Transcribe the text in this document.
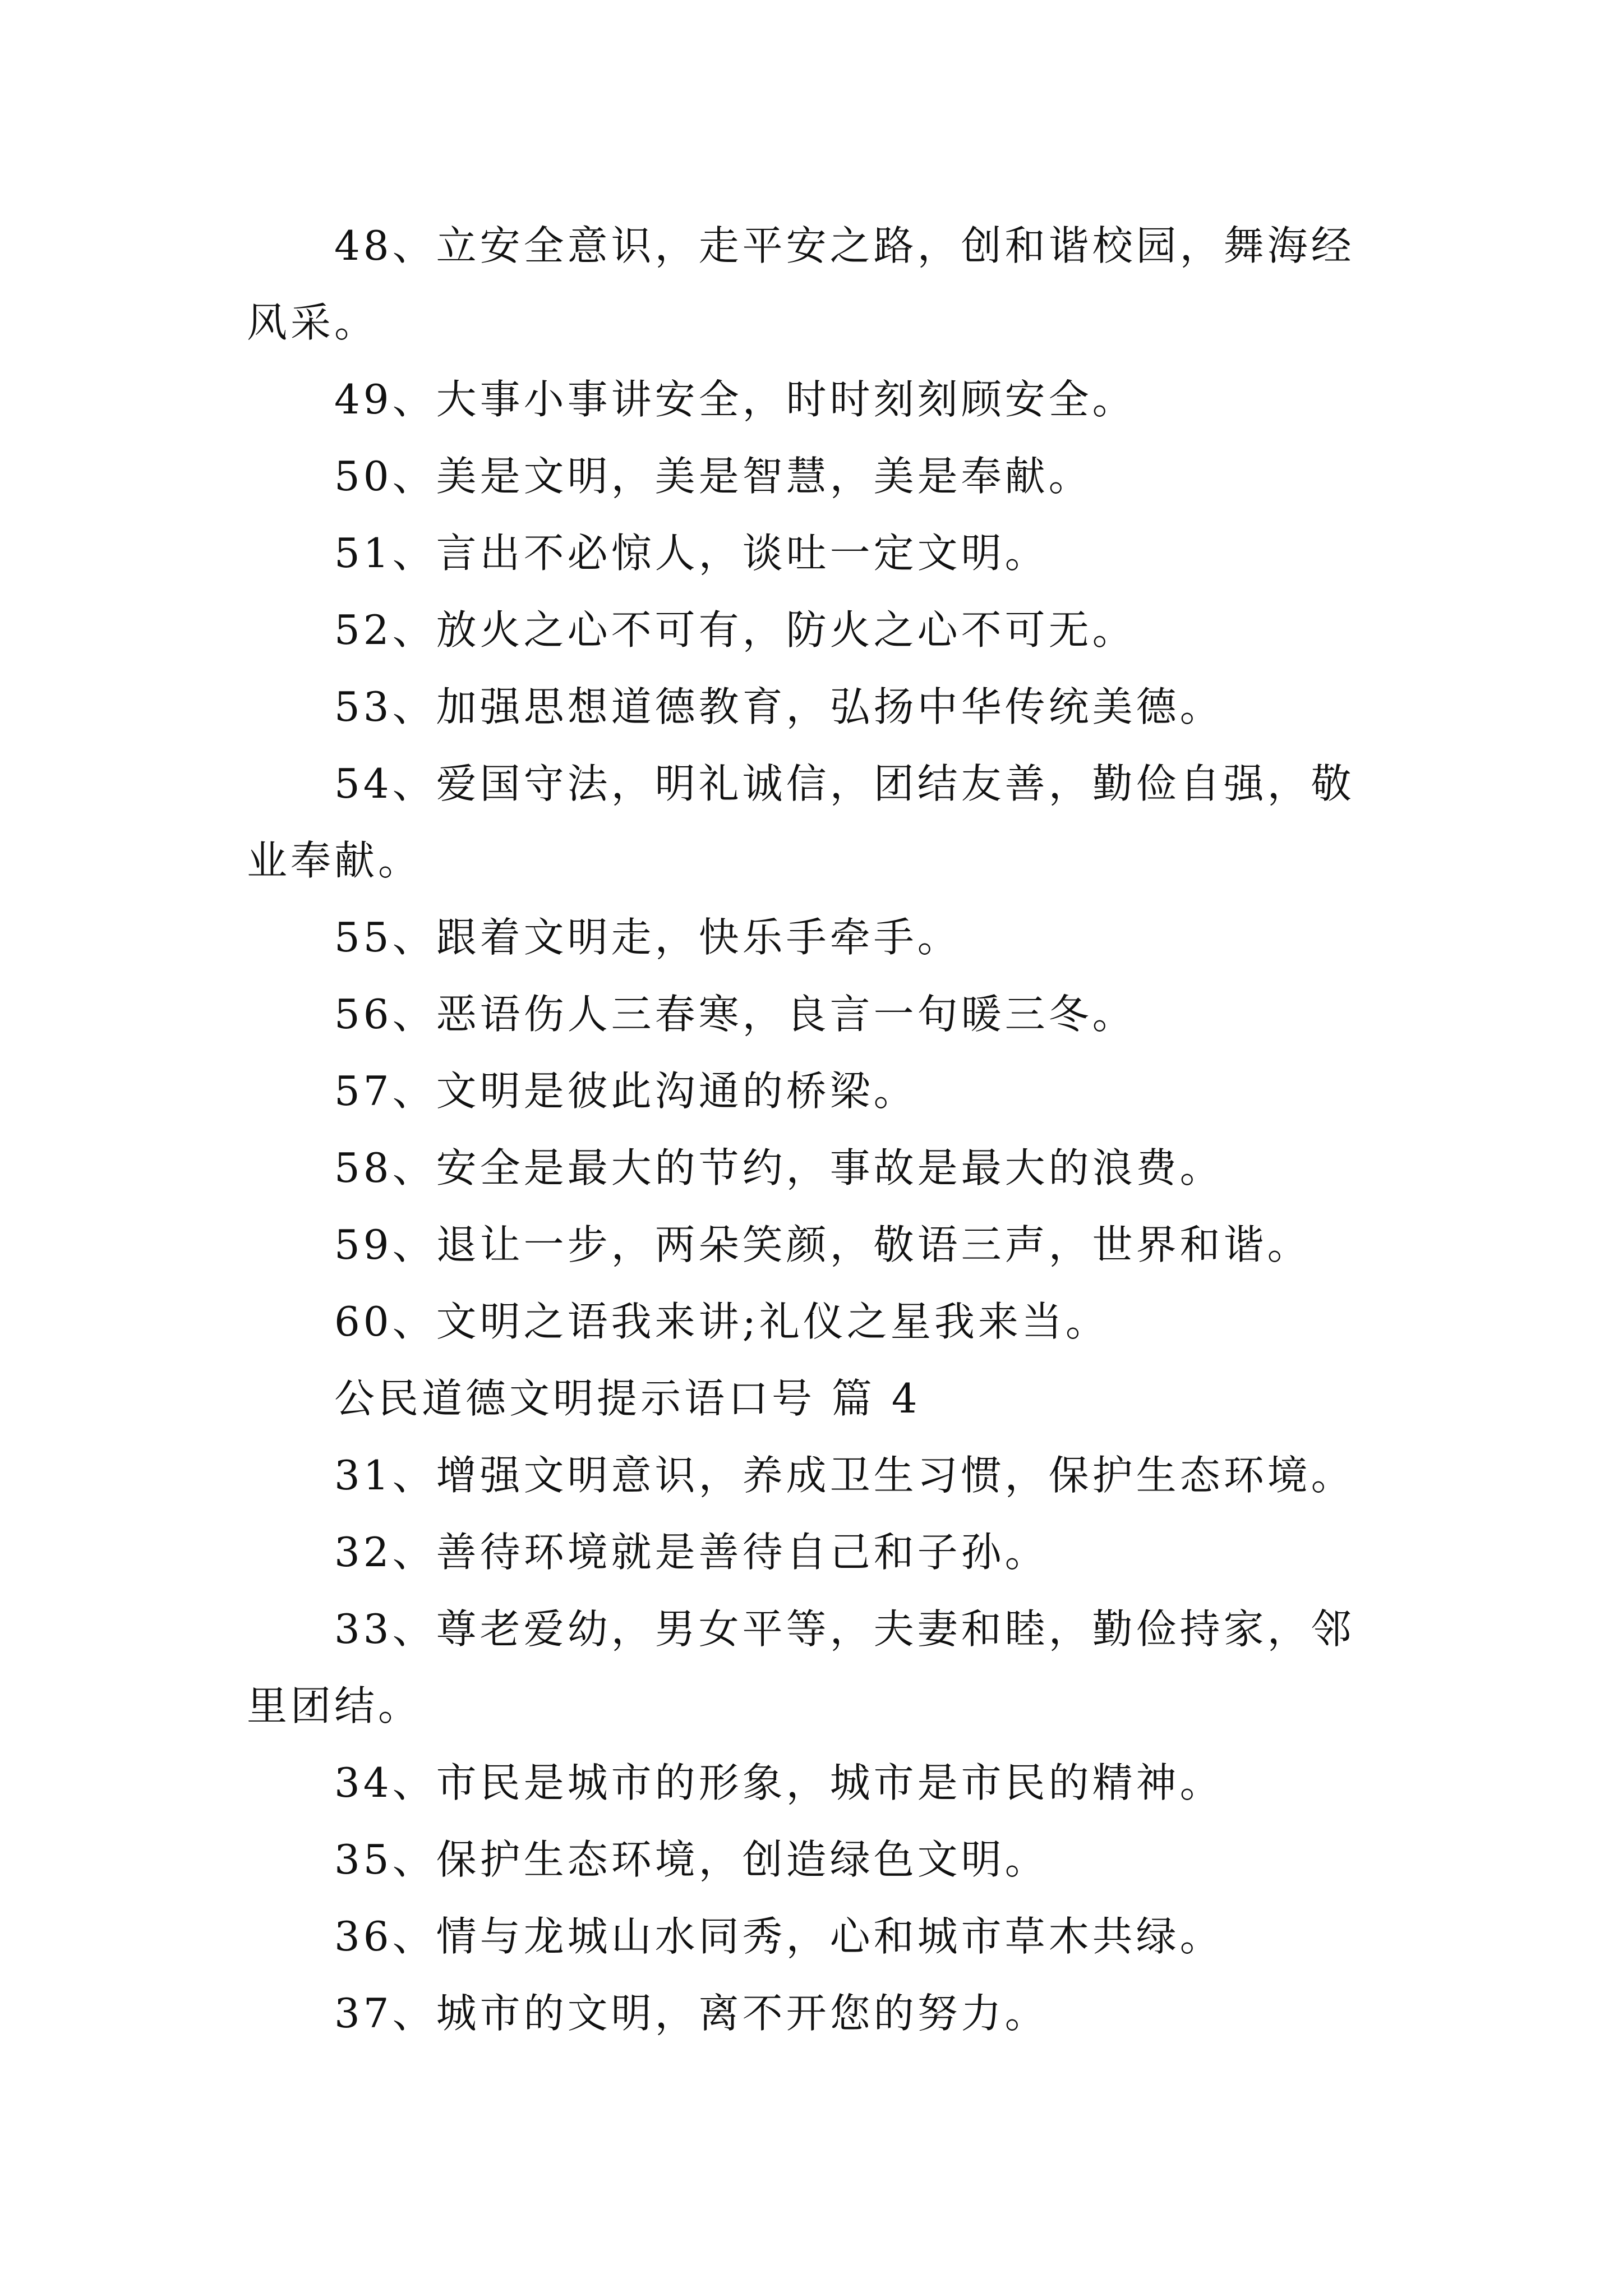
48、立安全意识，走平安之路，创和谐校园，舞海经风采。

49、大事小事讲安全，时时刻刻顾安全。

50、美是文明，美是智慧，美是奉献。

51、言出不必惊人，谈吐一定文明。

52、放火之心不可有，防火之心不可无。

53、加强思想道德教育，弘扬中华传统美德。

54、爱国守法，明礼诚信，团结友善，勤俭自强，敬业奉献。

55、跟着文明走，快乐手牵手。

56、恶语伤人三春寒，良言一句暖三冬。

57、文明是彼此沟通的桥梁。

58、安全是最大的节约，事故是最大的浪费。

59、退让一步，两朵笑颜，敬语三声，世界和谐。

60、文明之语我来讲;礼仪之星我来当。

公民道德文明提示语口号 篇 4

31、增强文明意识，养成卫生习惯，保护生态环境。

32、善待环境就是善待自己和子孙。

33、尊老爱幼，男女平等，夫妻和睦，勤俭持家，邻里团结。

34、市民是城市的形象，城市是市民的精神。

35、保护生态环境，创造绿色文明。

36、情与龙城山水同秀，心和城市草木共绿。

37、城市的文明，离不开您的努力。
